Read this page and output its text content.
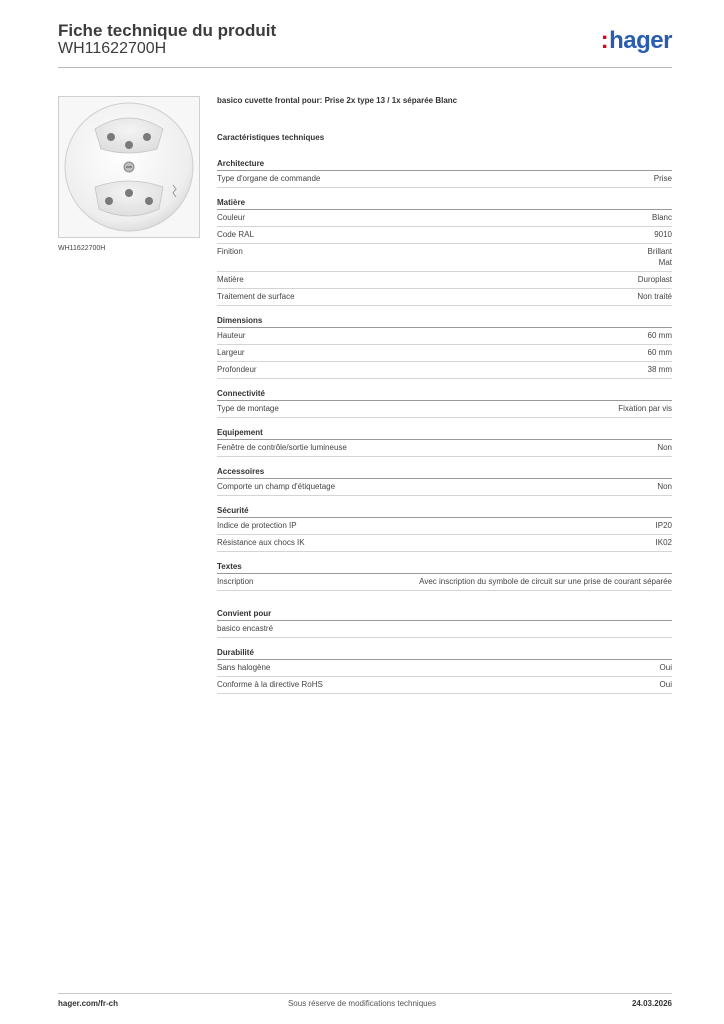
Fiche technique du produit
WH11622700H	:hager
WH11622700H
basico cuvette frontal pour: Prise 2x type 13 / 1x séparée Blanc
Caractéristiques techniques
Architecture
Type d'organe de commande	Prise
Matière
Couleur	Blanc
Code RAL	9010
Finition	Brillant
Mat
Matière	Duroplast
Traitement de surface	Non traité
Dimensions
Hauteur	60 mm
Largeur	60 mm
Profondeur	38 mm
Connectivité
Type de montage	Fixation par vis
Equipement
Fenêtre de contrôle/sortie lumineuse	Non
Accessoires
Comporte un champ d'étiquetage	Non
Sécurité
Indice de protection IP	IP20
Résistance aux chocs IK	IK02
Textes
Inscription	Avec inscription du symbole de circuit sur une prise de courant séparée
Convient pour
basico encastré
Durabilité
Sans halogène	Oui
Conforme à la directive RoHS	Oui
hager.com/fr-ch	Sous réserve de modifications techniques	24.03.2026
